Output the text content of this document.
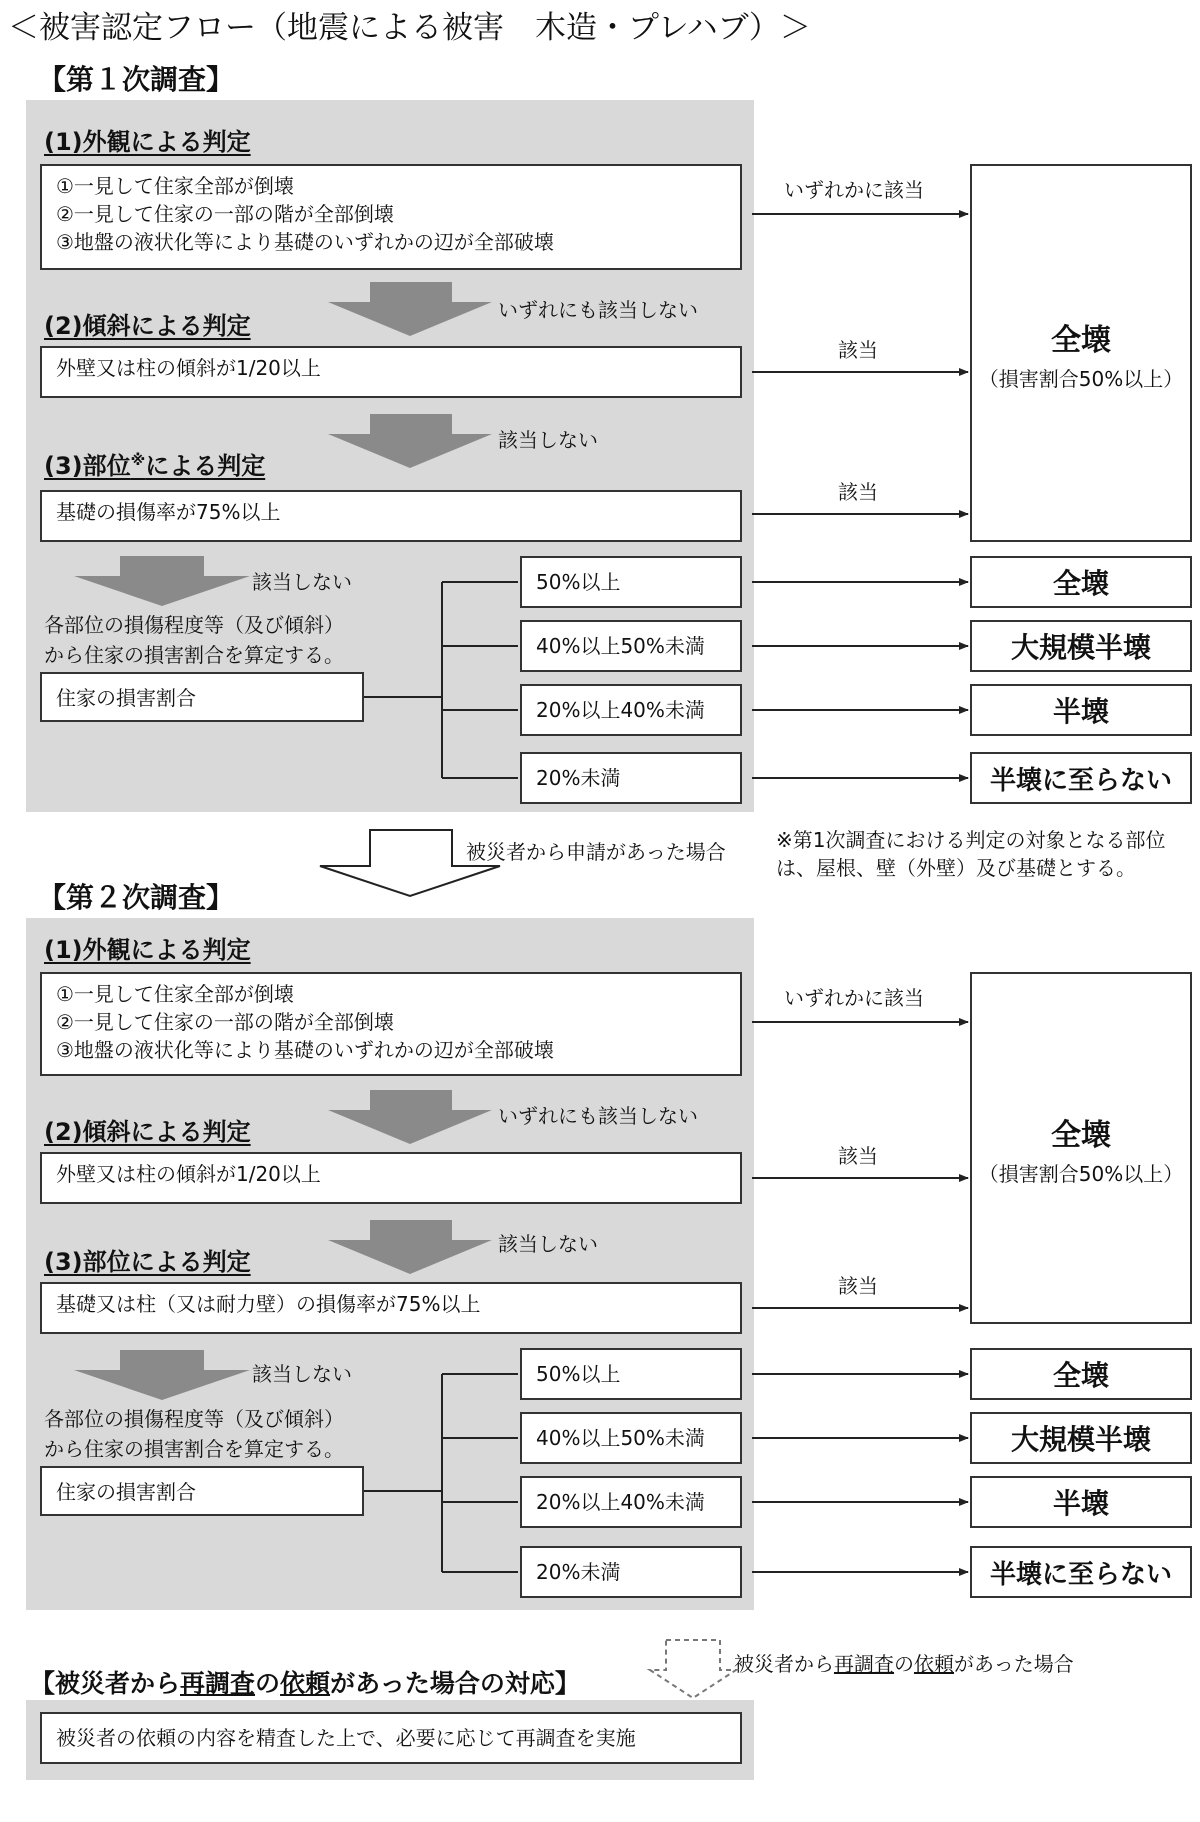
＜被害認定フロー（地震による被害　木造・プレハブ）＞
【第１次調査】
(1)外観による判定
①一見して住家全部が倒壊
②一見して住家の一部の階が全部倒壊
③地盤の液状化等により基礎のいずれかの辺が全部破壊
いずれかに該当
いずれにも該当しない
(2)傾斜による判定
外壁又は柱の傾斜が1/20以上
該当
該当しない
(3)部位※による判定
基礎の損傷率が75%以上
該当
該当しない
各部位の損傷程度等（及び傾斜）
から住家の損害割合を算定する。
住家の損害割合
50%以上
40%以上50%未満
20%以上40%未満
20%未満
全壊
（損害割合50%以上）
全壊
大規模半壊
半壊
半壊に至らない
被災者から申請があった場合	※第1次調査における判定の対象となる部位は、屋根、壁（外壁）及び基礎とする。
【第２次調査】
(1)外観による判定
①一見して住家全部が倒壊
②一見して住家の一部の階が全部倒壊
③地盤の液状化等により基礎のいずれかの辺が全部破壊
いずれかに該当
いずれにも該当しない
(2)傾斜による判定
外壁又は柱の傾斜が1/20以上
該当
該当しない
(3)部位による判定
基礎又は柱（又は耐力壁）の損傷率が75%以上
該当
該当しない
各部位の損傷程度等（及び傾斜）
から住家の損害割合を算定する。
住家の損害割合
50%以上
40%以上50%未満
20%以上40%未満
20%未満
全壊
（損害割合50%以上）
全壊
大規模半壊
半壊
半壊に至らない
被災者から再調査の依頼があった場合
【被災者から再調査の依頼があった場合の対応】
被災者の依頼の内容を精査した上で、必要に応じて再調査を実施
